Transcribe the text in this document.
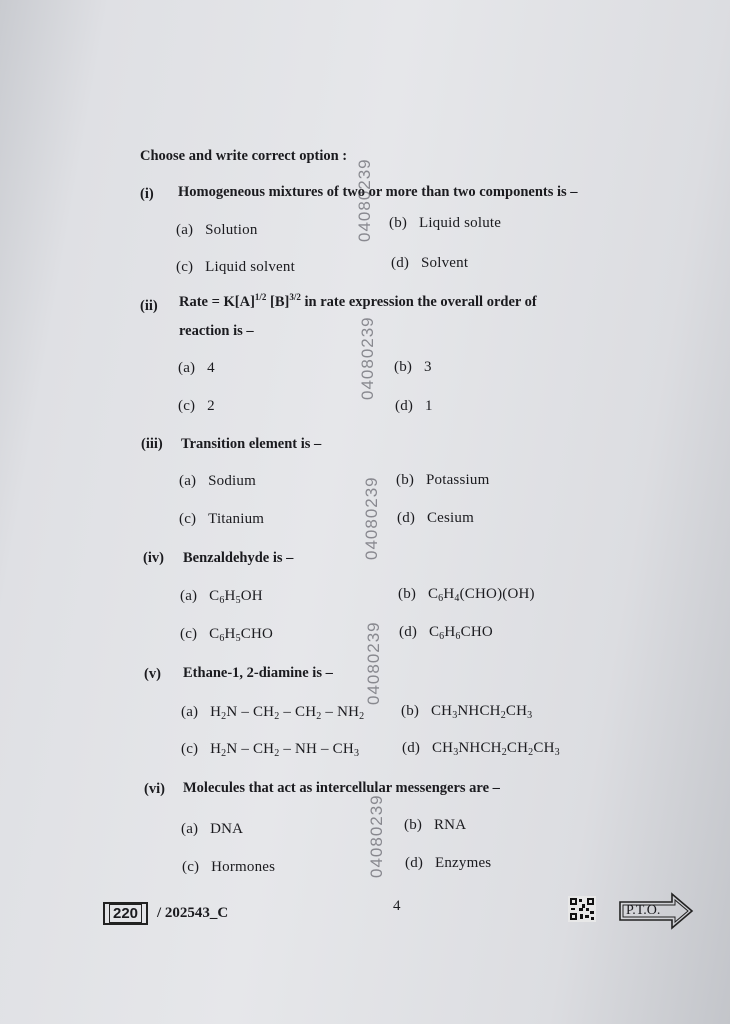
Choose and write correct option :
(i) Homogeneous mixtures of two or more than two components is –
(a) Solution	(b) Liquid solute
(c) Liquid solvent	(d) Solvent
(ii) Rate = $K[A]^{1/2}$ $[B]^{3/2}$ in rate expression the overall order of
reaction is –
(a) 4	(b) 3
(c) 2	(d) 1
(iii) Transition element is –
(a) Sodium	(b) Potassium
(c) Titanium	(d) Cesium
(iv) Benzaldehyde is –
(a)   $C_6H_5OH$	(b)   $C_6H_4(CHO)(OH)$
(c)   $C_6H_5CHO$	(d)   $C_6H_6CHO$
(v) Ethane-1, 2-diamine is –
(a)   $H_2N - CH_2 - CH_2 - NH_2$ (b)   $CH_3NHCH_2CH_3$
(c)   $H_2N - CH_2$ – NH – $CH_3$	(d)   $CH_3NHCH_2CH_2CH_3$
(vi) Molecules that act as intercellular messengers are –
(a) DNA	(b) RNA
(c) Hormones	(d) Enzymes
04080239
04080239
04080239
04080239
04080239
220	/ 202543_C	4	P.T.O.
